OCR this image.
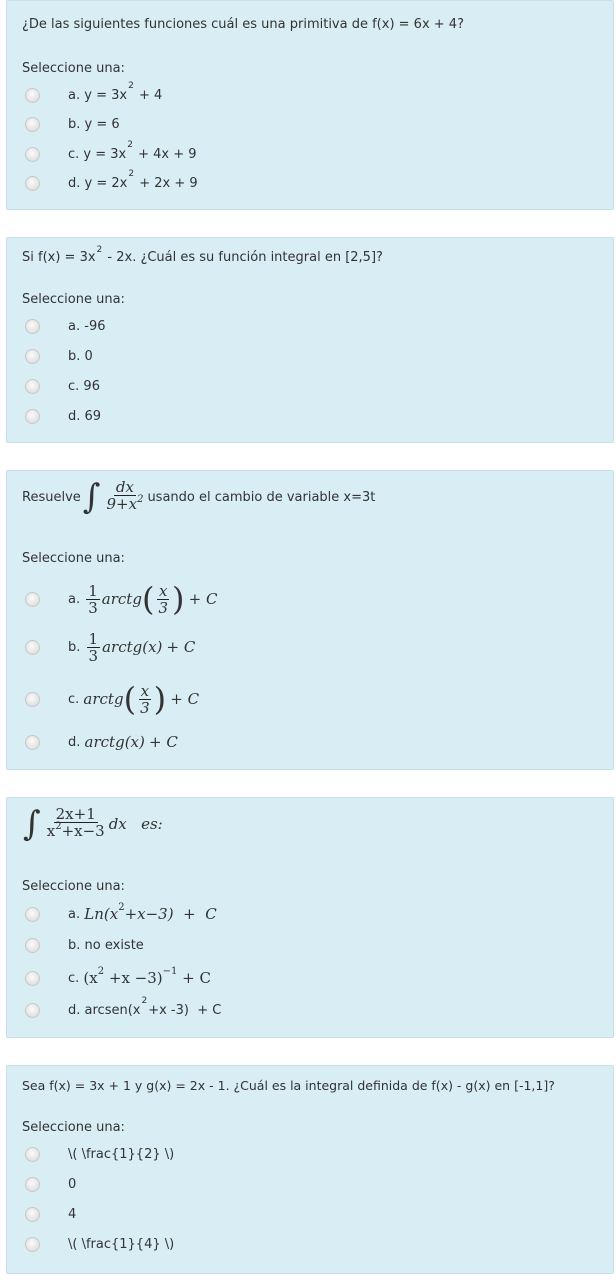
¿De las siguientes funciones cuál es una primitiva de f(x) = 6x + 4?
Seleccione una:
a.
y = 3x
2

+ 4
b.
y = 6
c.
y = 3x
2

+ 4x + 9
d.
y = 2x
2

+ 2x + 9
Si $f(x) = 3x^2 - 2x$. ¿Cuál es su función integral en [2,5]?
Seleccione una:
a.
-96
b.
0
c.
96
d.
69
Resuelve ∫ $\frac{dx}{9+x^2}$ usando el cambio de variable x=3t
Seleccione una:
a.
$\frac{1}{3}$ arctg ( $\frac{x}{3}$ )
+ C
b.
$\frac{1}{3}$ arctg (x)
+ C
c.
arctg ( $\frac{x}{3}$ )
+ C
d.
arctg (x)
+ C
∫ $\frac{2x+1}{x^2+x-3}$ dx   es:
Seleccione una:
a.
Ln(x 2 +x−3)  +  C
b.
no existe
c.
(x 2 +x −3) −1 + C
d.
arcsen(x
2
+x -3)  + C
Sea f(x) = 3x + 1 y g(x) = 2x - 1. ¿Cuál es la integral definida de f(x) - g(x) en [-1,1]?
Seleccione una:
\( \frac{1}{2} \)
0
4
\( \frac{1}{4} \)
